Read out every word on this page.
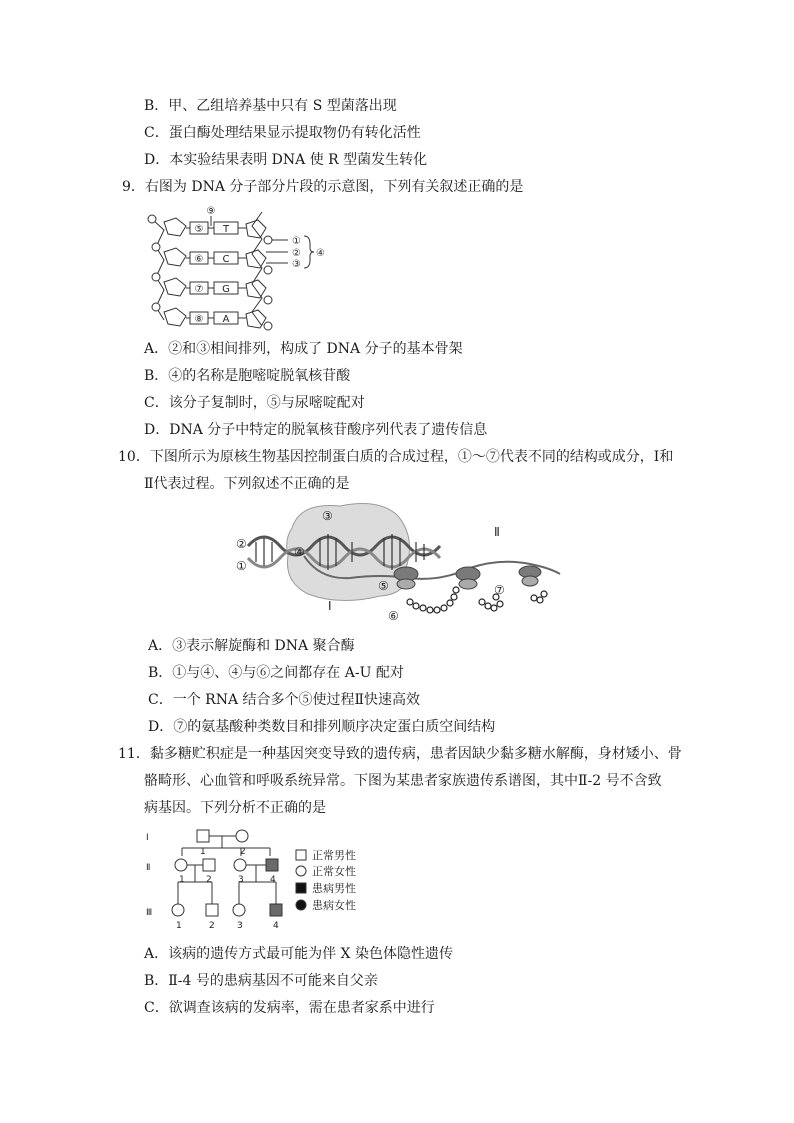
B．甲、乙组培养基中只有 S 型菌落出现
C．蛋白酶处理结果显示提取物仍有转化活性
D．本实验结果表明 DNA 使 R 型菌发生转化
9．右图为 DNA 分子部分片段的示意图，下列有关叙述正确的是
⑤
⑥
⑦
⑧
T
C
G
A
⑨
①
②
③
④
A．②和③相间排列，构成了 DNA 分子的基本骨架
B．④的名称是胞嘧啶脱氧核苷酸
C．该分子复制时，⑤与尿嘧啶配对
D．DNA 分子中特定的脱氧核苷酸序列代表了遗传信息
10．下图所示为原核生物基因控制蛋白质的合成过程，①～⑦代表不同的结构或成分，Ⅰ和
Ⅱ代表过程。下列叙述不正确的是
③
②
①
④
⑤
⑥
⑦
Ⅰ
Ⅱ
A．③表示解旋酶和 DNA 聚合酶
B．①与④、④与⑥之间都存在 A-U 配对
C．一个 RNA 结合多个⑤使过程Ⅱ快速高效
D．⑦的氨基酸种类数目和排列顺序决定蛋白质空间结构
11．黏多糖贮积症是一种基因突变导致的遗传病，患者因缺少黏多糖水解酶，身材矮小、骨
骼畸形、心血管和呼吸系统异常。下图为某患者家族遗传系谱图，其中Ⅱ-2 号不含致
病基因。下列分析不正确的是
Ⅰ
Ⅱ
Ⅲ
1	2
1 2	3	4
1	2 3	4
正常男性
正常女性
患病男性
患病女性
A．该病的遗传方式最可能为伴 X 染色体隐性遗传
B．Ⅱ-4 号的患病基因不可能来自父亲
C．欲调查该病的发病率，需在患者家系中进行
